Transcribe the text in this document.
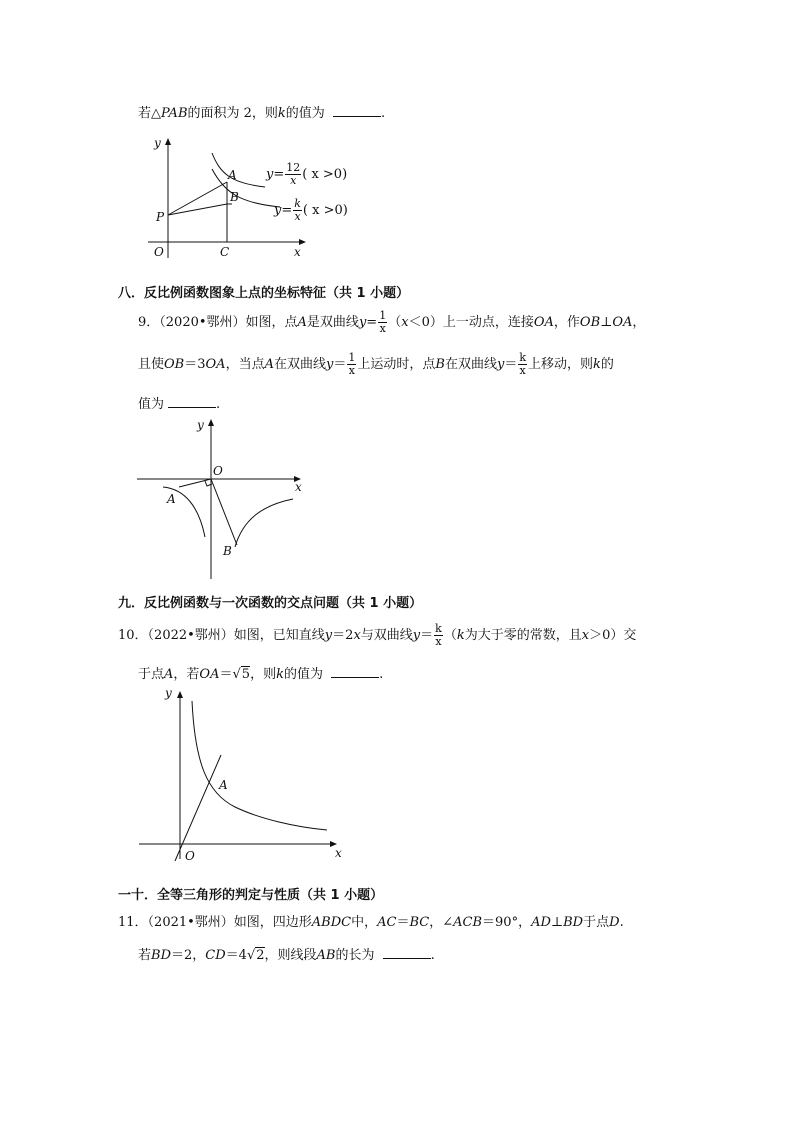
若△PAB的面积为 2，则k的值为	.
y
x
O
P
C
A
B
$y= \frac{12}{x}$ ( x >0)
$y= \frac{k}{x}$ ( x >0)
八．反比例函数图象上点的坐标特征（共 1 小题）
9．（2020•鄂州）如图，点A是双曲线$y= \frac{1}{x} (x<0)$上一动点，连接OA，作OB⊥OA，
且使OB＝3OA，当点A在双曲线$y= \frac{1}{x}$ 上运动时，点B在双曲线$y= \frac{k}{x}$ 上移动，则k的
值为	.
y
x
O
A
B
九．反比例函数与一次函数的交点问题（共 1 小题）
10．（2022•鄂州）如图，已知直线y＝2x与双曲线$y= \frac{k}{x} (k$为大于零的常数，且x＞0）交
于点A，若OA＝√5，则k的值为	.
y
x
O
A
一十．全等三角形的判定与性质（共 1 小题）
11．（2021•鄂州）如图，四边形ABDC中，AC＝BC，∠ACB＝90°，AD⊥BD于点D.
若BD＝2，CD＝4√2，则线段AB的长为	.
